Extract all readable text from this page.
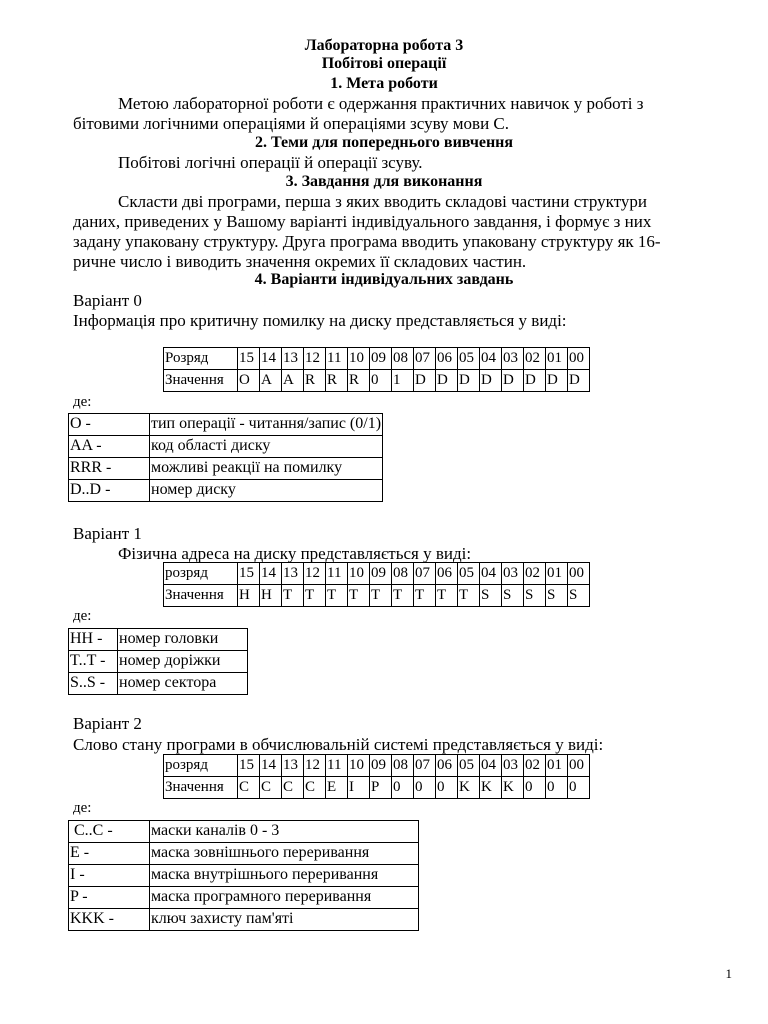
Лабораторна робота 3
Побітові операції
1. Мета роботи
Метою лабораторної роботи є одержання практичних навичок у роботі з
бітовими логічними операціями й операціями зсуву мови С.
2. Теми для попереднього вивчення
Побітові логічні операції й операції зсуву.
3. Завдання для виконання
Скласти дві програми, перша з яких вводить складові частини структури
даних, приведених у Вашому варіанті індивідуального завдання, і формує з них
задану упаковану структуру. Друга програма вводить упаковану структуру як 16-
ричне число і виводить значення окремих її складових частин.
4. Варіанти індивідуальних завдань
Варіант 0
Інформація про критичну помилку на диску представляється у виді:
Розряд	15	14	13	12	11	10	09	08	07	06	05	04	03	02	01	00
Значення	O	A	A	R	R	R	0	1	D	D	D	D	D	D	D	D
де:
O -	тип операції - читання/запис (0/1)
AA -	код області диску
RRR -	можливі реакції на помилку
D..D -	номер диску
Варіант 1
Фізична адреса на диску представляється у виді:
розряд	15	14	13	12	11	10	09	08	07	06	05	04	03	02	01	00
Значення	H	H	T	T	T	T	T	T	T	T	T	S	S	S	S	S
де:
HH -	номер головки
T..T -	номер доріжки
S..S -	номер сектора
Варіант 2
Слово стану програми в обчислювальній системі представляється у виді:
розряд	15	14	13	12	11	10	09	08	07	06	05	04	03	02	01	00
Значення	C	C	C	C	E	I	P	0	0	0	K	K	K	0	0	0
де:
C..C -	маски каналів 0 - 3
E -	маска зовнішнього переривання
I -	маска внутрішнього переривання
P -	маска програмного переривання
KKK -	ключ захисту пам'яті
1
